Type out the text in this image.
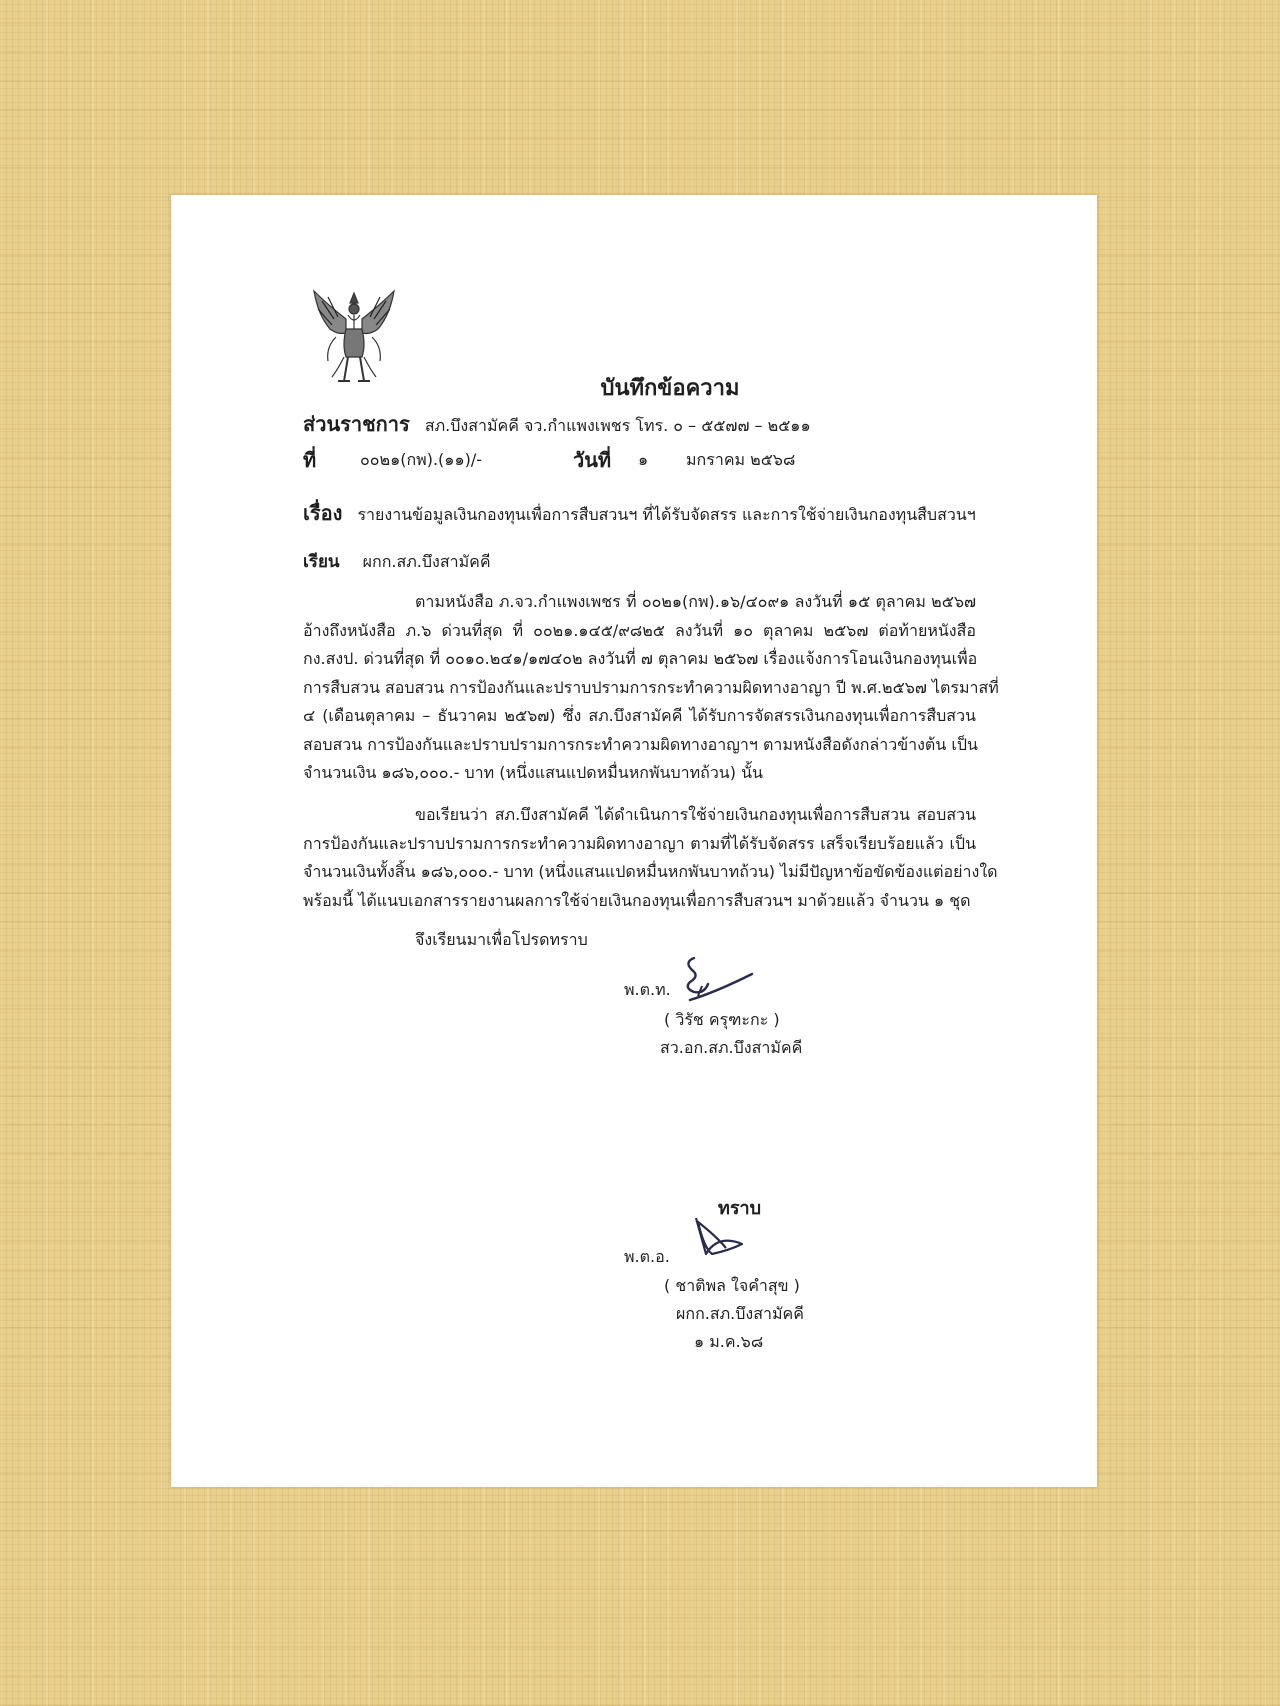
บันทึกข้อความ
ส่วนราชการ สภ.บึงสามัคคี จว.กำแพงเพชร โทร. ๐ – ๕๕๗๗ – ๒๕๑๑
ที่	๐๐๒๑(กพ).(๑๑)/-	วันที่ ๑ มกราคม ๒๕๖๘
เรื่อง รายงานข้อมูลเงินกองทุนเพื่อการสืบสวนฯ ที่ได้รับจัดสรร และการใช้จ่ายเงินกองทุนสืบสวนฯ
เรียน ผกก.สภ.บึงสามัคคี
ตามหนังสือ ภ.จว.กำแพงเพชร ที่ ๐๐๒๑(กพ).๑๖/๔๐๙๑ ลงวันที่ ๑๕ ตุลาคม ๒๕๖๗
อ้างถึงหนังสือ ภ.๖ ด่วนที่สุด ที่ ๐๐๒๑.๑๔๕/๙๘๒๕ ลงวันที่ ๑๐ ตุลาคม ๒๕๖๗ ต่อท้ายหนังสือ
กง.สงป. ด่วนที่สุด ที่ ๐๐๑๐.๒๔๑/๑๗๔๐๒ ลงวันที่ ๗ ตุลาคม ๒๕๖๗ เรื่องแจ้งการโอนเงินกองทุนเพื่อ
การสืบสวน สอบสวน การป้องกันและปราบปรามการกระทำความผิดทางอาญา ปี พ.ศ.๒๕๖๗ ไตรมาสที่
๔ (เดือนตุลาคม – ธันวาคม ๒๕๖๗) ซึ่ง สภ.บึงสามัคคี ได้รับการจัดสรรเงินกองทุนเพื่อการสืบสวน
สอบสวน การป้องกันและปราบปรามการกระทำความผิดทางอาญาฯ ตามหนังสือดังกล่าวข้างต้น เป็น
จำนวนเงิน ๑๘๖,๐๐๐.- บาท (หนึ่งแสนแปดหมื่นหกพันบาทถ้วน) นั้น
ขอเรียนว่า สภ.บึงสามัคคี ได้ดำเนินการใช้จ่ายเงินกองทุนเพื่อการสืบสวน สอบสวน
การป้องกันและปราบปรามการกระทำความผิดทางอาญา ตามที่ได้รับจัดสรร เสร็จเรียบร้อยแล้ว เป็น
จำนวนเงินทั้งสิ้น ๑๘๖,๐๐๐.- บาท (หนึ่งแสนแปดหมื่นหกพันบาทถ้วน) ไม่มีปัญหาข้อขัดข้องแต่อย่างใด
พร้อมนี้ ได้แนบเอกสารรายงานผลการใช้จ่ายเงินกองทุนเพื่อการสืบสวนฯ มาด้วยแล้ว จำนวน ๑ ชุด
จึงเรียนมาเพื่อโปรดทราบ
พ.ต.ท.
( วิรัช ครุฑะกะ )
สว.อก.สภ.บึงสามัคคี
ทราบ
พ.ต.อ.
( ชาติพล ใจคำสุข )
ผกก.สภ.บึงสามัคคี
๑ ม.ค.๖๘
